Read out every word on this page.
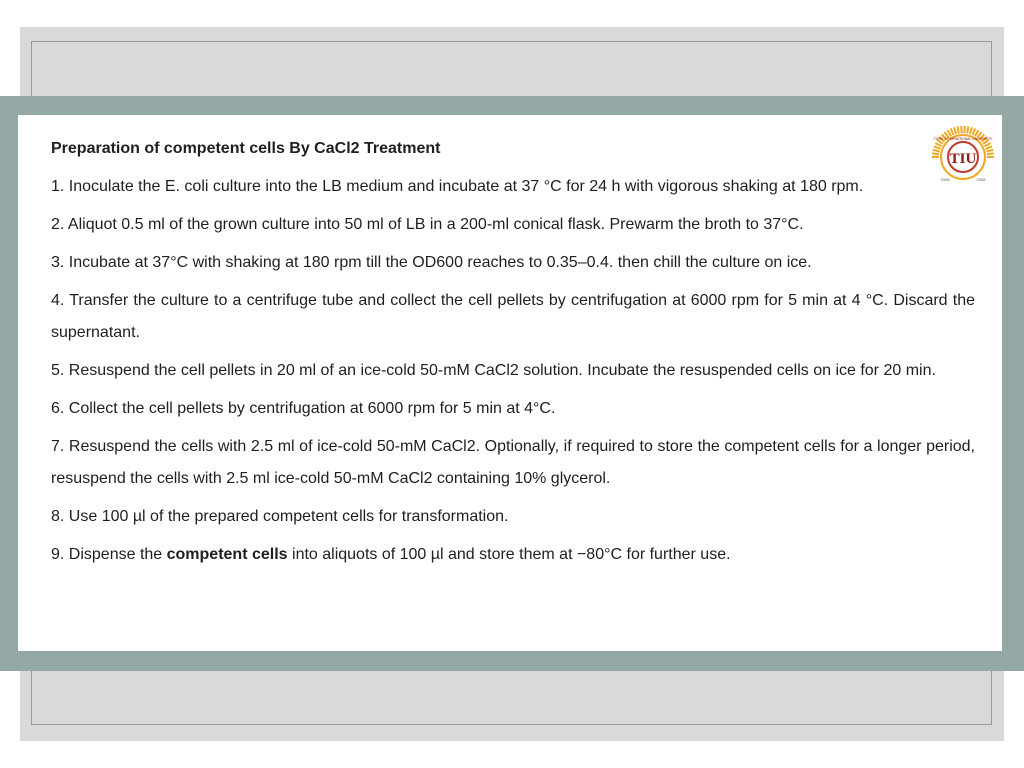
Preparation of competent cells By CaCl2 Treatment

1. Inoculate the E. coli culture into the LB medium and incubate at 37 °C for 24 h with vigorous shaking at 180 rpm.

2. Aliquot 0.5 ml of the grown culture into 50 ml of LB in a 200-ml conical flask. Prewarm the broth to 37°C.

3. Incubate at 37°C with shaking at 180 rpm till the OD600 reaches to 0.35–0.4. then chill the culture on ice.

4. Transfer the culture to a centrifuge tube and collect the cell pellets by centrifugation at 6000 rpm for 5 min at 4 °C. Discard the supernatant.

5. Resuspend the cell pellets in 20 ml of an ice-cold 50-mM CaCl2 solution. Incubate the resuspended cells on ice for 20 min.

6. Collect the cell pellets by centrifugation at 6000 rpm for 5 min at 4°C.

7. Resuspend the cells with 2.5 ml of ice-cold 50-mM CaCl2. Optionally, if required to store the competent cells for a longer period, resuspend the cells with 2.5 ml ice-cold 50-mM CaCl2 containing 10% glycerol.

8. Use 100 µl of the prepared competent cells for transformation.

9. Dispense the competent cells into aliquots of 100 µl and store them at −80°C for further use.

TIU
TISHK INTERNATIONAL UNIVERSITY
2008	2008
